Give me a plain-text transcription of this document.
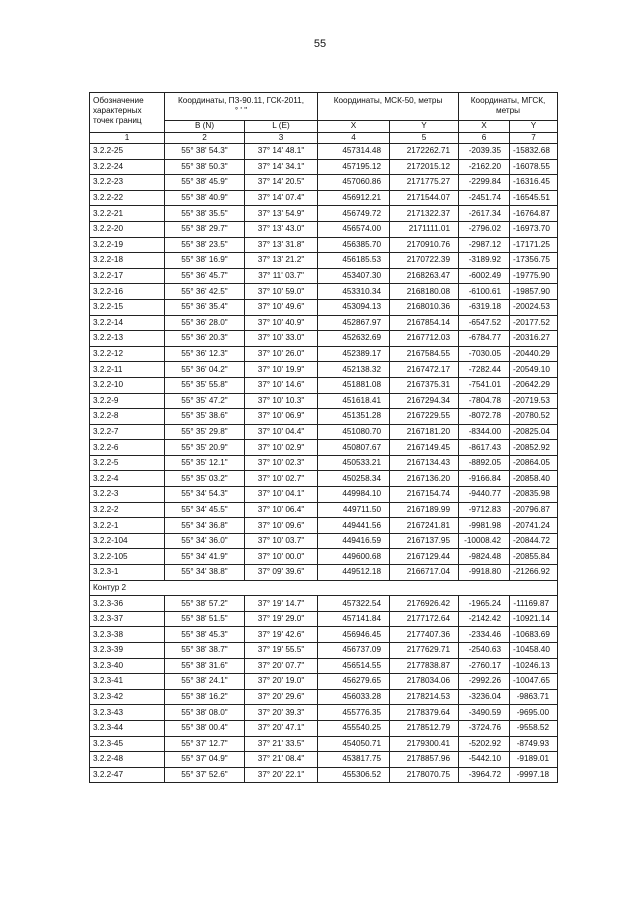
55
Обозначение характерных точек границ	Координаты, ПЗ-90.11, ГСК-2011,
° ' "		Координаты, МСК-50, метры		Координаты, МГСК, метры	
	B (N)	L (E)	X	Y	X	Y
1	2	3	4	5	6	7
3.2.2-25	55° 38' 54.3"	37° 14' 48.1"	457314.48	2172262.71	-2039.35	-15832.68
3.2.2-24	55° 38' 50.3"	37° 14' 34.1"	457195.12	2172015.12	-2162.20	-16078.55
3.2.2-23	55° 38' 45.9"	37° 14' 20.5"	457060.86	2171775.27	-2299.84	-16316.45
3.2.2-22	55° 38' 40.9"	37° 14' 07.4"	456912.21	2171544.07	-2451.74	-16545.51
3.2.2-21	55° 38' 35.5"	37° 13' 54.9"	456749.72	2171322.37	-2617.34	-16764.87
3.2.2-20	55° 38' 29.7"	37° 13' 43.0"	456574.00	2171111.01	-2796.02	-16973.70
3.2.2-19	55° 38' 23.5"	37° 13' 31.8"	456385.70	2170910.76	-2987.12	-17171.25
3.2.2-18	55° 38' 16.9"	37° 13' 21.2"	456185.53	2170722.39	-3189.92	-17356.75
3.2.2-17	55° 36' 45.7"	37° 11' 03.7"	453407.30	2168263.47	-6002.49	-19775.90
3.2.2-16	55° 36' 42.5"	37° 10' 59.0"	453310.34	2168180.08	-6100.61	-19857.90
3.2.2-15	55° 36' 35.4"	37° 10' 49.6"	453094.13	2168010.36	-6319.18	-20024.53
3.2.2-14	55° 36' 28.0"	37° 10' 40.9"	452867.97	2167854.14	-6547.52	-20177.52
3.2.2-13	55° 36' 20.3"	37° 10' 33.0"	452632.69	2167712.03	-6784.77	-20316.27
3.2.2-12	55° 36' 12.3"	37° 10' 26.0"	452389.17	2167584.55	-7030.05	-20440.29
3.2.2-11	55° 36' 04.2"	37° 10' 19.9"	452138.32	2167472.17	-7282.44	-20549.10
3.2.2-10	55° 35' 55.8"	37° 10' 14.6"	451881.08	2167375.31	-7541.01	-20642.29
3.2.2-9	55° 35' 47.2"	37° 10' 10.3"	451618.41	2167294.34	-7804.78	-20719.53
3.2.2-8	55° 35' 38.6"	37° 10' 06.9"	451351.28	2167229.55	-8072.78	-20780.52
3.2.2-7	55° 35' 29.8"	37° 10' 04.4"	451080.70	2167181.20	-8344.00	-20825.04
3.2.2-6	55° 35' 20.9"	37° 10' 02.9"	450807.67	2167149.45	-8617.43	-20852.92
3.2.2-5	55° 35' 12.1"	37° 10' 02.3"	450533.21	2167134.43	-8892.05	-20864.05
3.2.2-4	55° 35' 03.2"	37° 10' 02.7"	450258.34	2167136.20	-9166.84	-20858.40
3.2.2-3	55° 34' 54.3"	37° 10' 04.1"	449984.10	2167154.74	-9440.77	-20835.98
3.2.2-2	55° 34' 45.5"	37° 10' 06.4"	449711.50	2167189.99	-9712.83	-20796.87
3.2.2-1	55° 34' 36.8"	37° 10' 09.6"	449441.56	2167241.81	-9981.98	-20741.24
3.2.2-104	55° 34' 36.0"	37° 10' 03.7"	449416.59	2167137.95	-10008.42	-20844.72
3.2.2-105	55° 34' 41.9"	37° 10' 00.0"	449600.68	2167129.44	-9824.48	-20855.84
3.2.3-1	55° 34' 38.8"	37° 09' 39.6"	449512.18	2166717.04	-9918.80	-21266.92
Контур 2						
3.2.3-36	55° 38' 57.2"	37° 19' 14.7"	457322.54	2176926.42	-1965.24	-11169.87
3.2.3-37	55° 38' 51.5"	37° 19' 29.0"	457141.84	2177172.64	-2142.42	-10921.14
3.2.3-38	55° 38' 45.3"	37° 19' 42.6"	456946.45	2177407.36	-2334.46	-10683.69
3.2.3-39	55° 38' 38.7"	37° 19' 55.5"	456737.09	2177629.71	-2540.63	-10458.40
3.2.3-40	55° 38' 31.6"	37° 20' 07.7"	456514.55	2177838.87	-2760.17	-10246.13
3.2.3-41	55° 38' 24.1"	37° 20' 19.0"	456279.65	2178034.06	-2992.26	-10047.65
3.2.3-42	55° 38' 16.2"	37° 20' 29.6"	456033.28	2178214.53	-3236.04	-9863.71
3.2.3-43	55° 38' 08.0"	37° 20' 39.3"	455776.35	2178379.64	-3490.59	-9695.00
3.2.3-44	55° 38' 00.4"	37° 20' 47.1"	455540.25	2178512.79	-3724.76	-9558.52
3.2.3-45	55° 37' 12.7"	37° 21' 33.5"	454050.71	2179300.41	-5202.92	-8749.93
3.2.2-48	55° 37' 04.9"	37° 21' 08.4"	453817.75	2178857.96	-5442.10	-9189.01
3.2.2-47	55° 37' 52.6"	37° 20' 22.1"	455306.52	2178070.75	-3964.72	-9997.18
